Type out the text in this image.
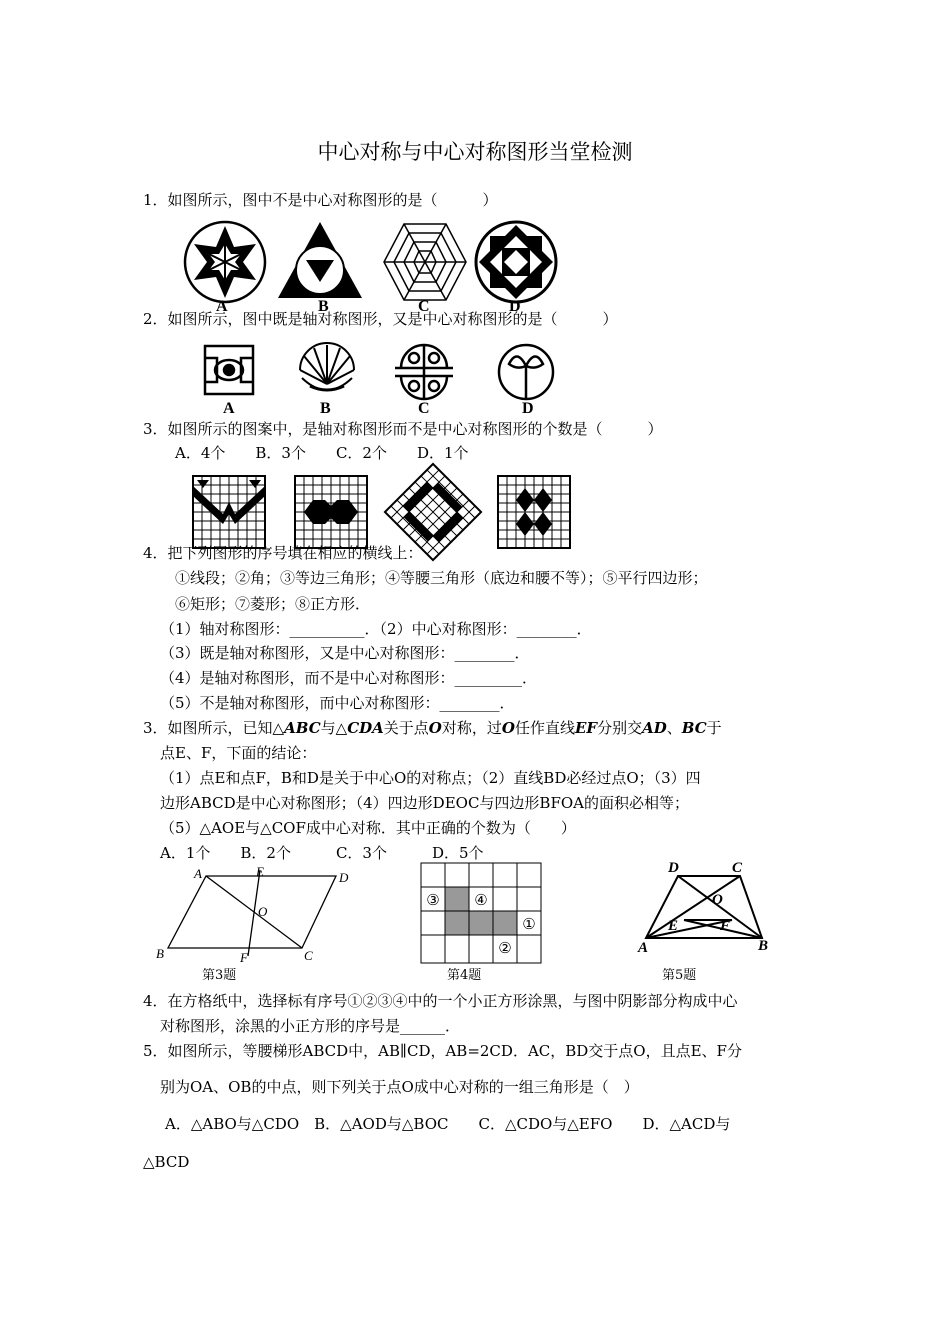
中心对称与中心对称图形当堂检测
1．如图所示，图中不是中心对称图形的是（　　　）
A	B	C	D
2．如图所示，图中既是轴对称图形，又是中心对称图形的是（　　　）
A	B	C	D
3．如图所示的图案中，是轴对称图形而不是中心对称图形的个数是（　　　）
A．4个　　B．3个　　C．2个　　D．1个
4．把下列图形的序号填在相应的横线上：
①线段；②角；③等边三角形；④等腰三角形（底边和腰不等）；⑤平行四边形；
⑥矩形；⑦菱形；⑧正方形．
（1）轴对称图形：__________．（2）中心对称图形：________．
（3）既是轴对称图形，又是中心对称图形：________．
（4）是轴对称图形，而不是中心对称图形：_________．
（5）不是轴对称图形，而中心对称图形：________．
3．如图所示，已知△ABC与△CDA关于点O对称，过O任作直线EF分别交AD、BC于
点E、F，下面的结论：
（1）点E和点F，B和D是关于中心O的对称点；（2）直线BD必经过点O；（3）四
边形ABCD是中心对称图形；（4）四边形DEOC与四边形BFOA的面积必相等；
（5）△AOE与△COF成中心对称．其中正确的个数为（　　）
A．1个　　B．2个　　　C．3个　　　D．5个
A	E	D
O
B	F	C
第3题
③ ④
①
②
第4题
D	C
O
E	F
A	B
第5题
4．在方格纸中，选择标有序号①②③④中的一个小正方形涂黑，与图中阴影部分构成中心
对称图形，涂黑的小正方形的序号是______．
5．如图所示，等腰梯形ABCD中，AB∥CD，AB=2CD．AC，BD交于点O，且点E、F分
别为OA、OB的中点，则下列关于点O成中心对称的一组三角形是（　）
A．△ABO与△CDO　B．△AOD与△BOC　　C．△CDO与△EFO　　D．△ACD与
△BCD
